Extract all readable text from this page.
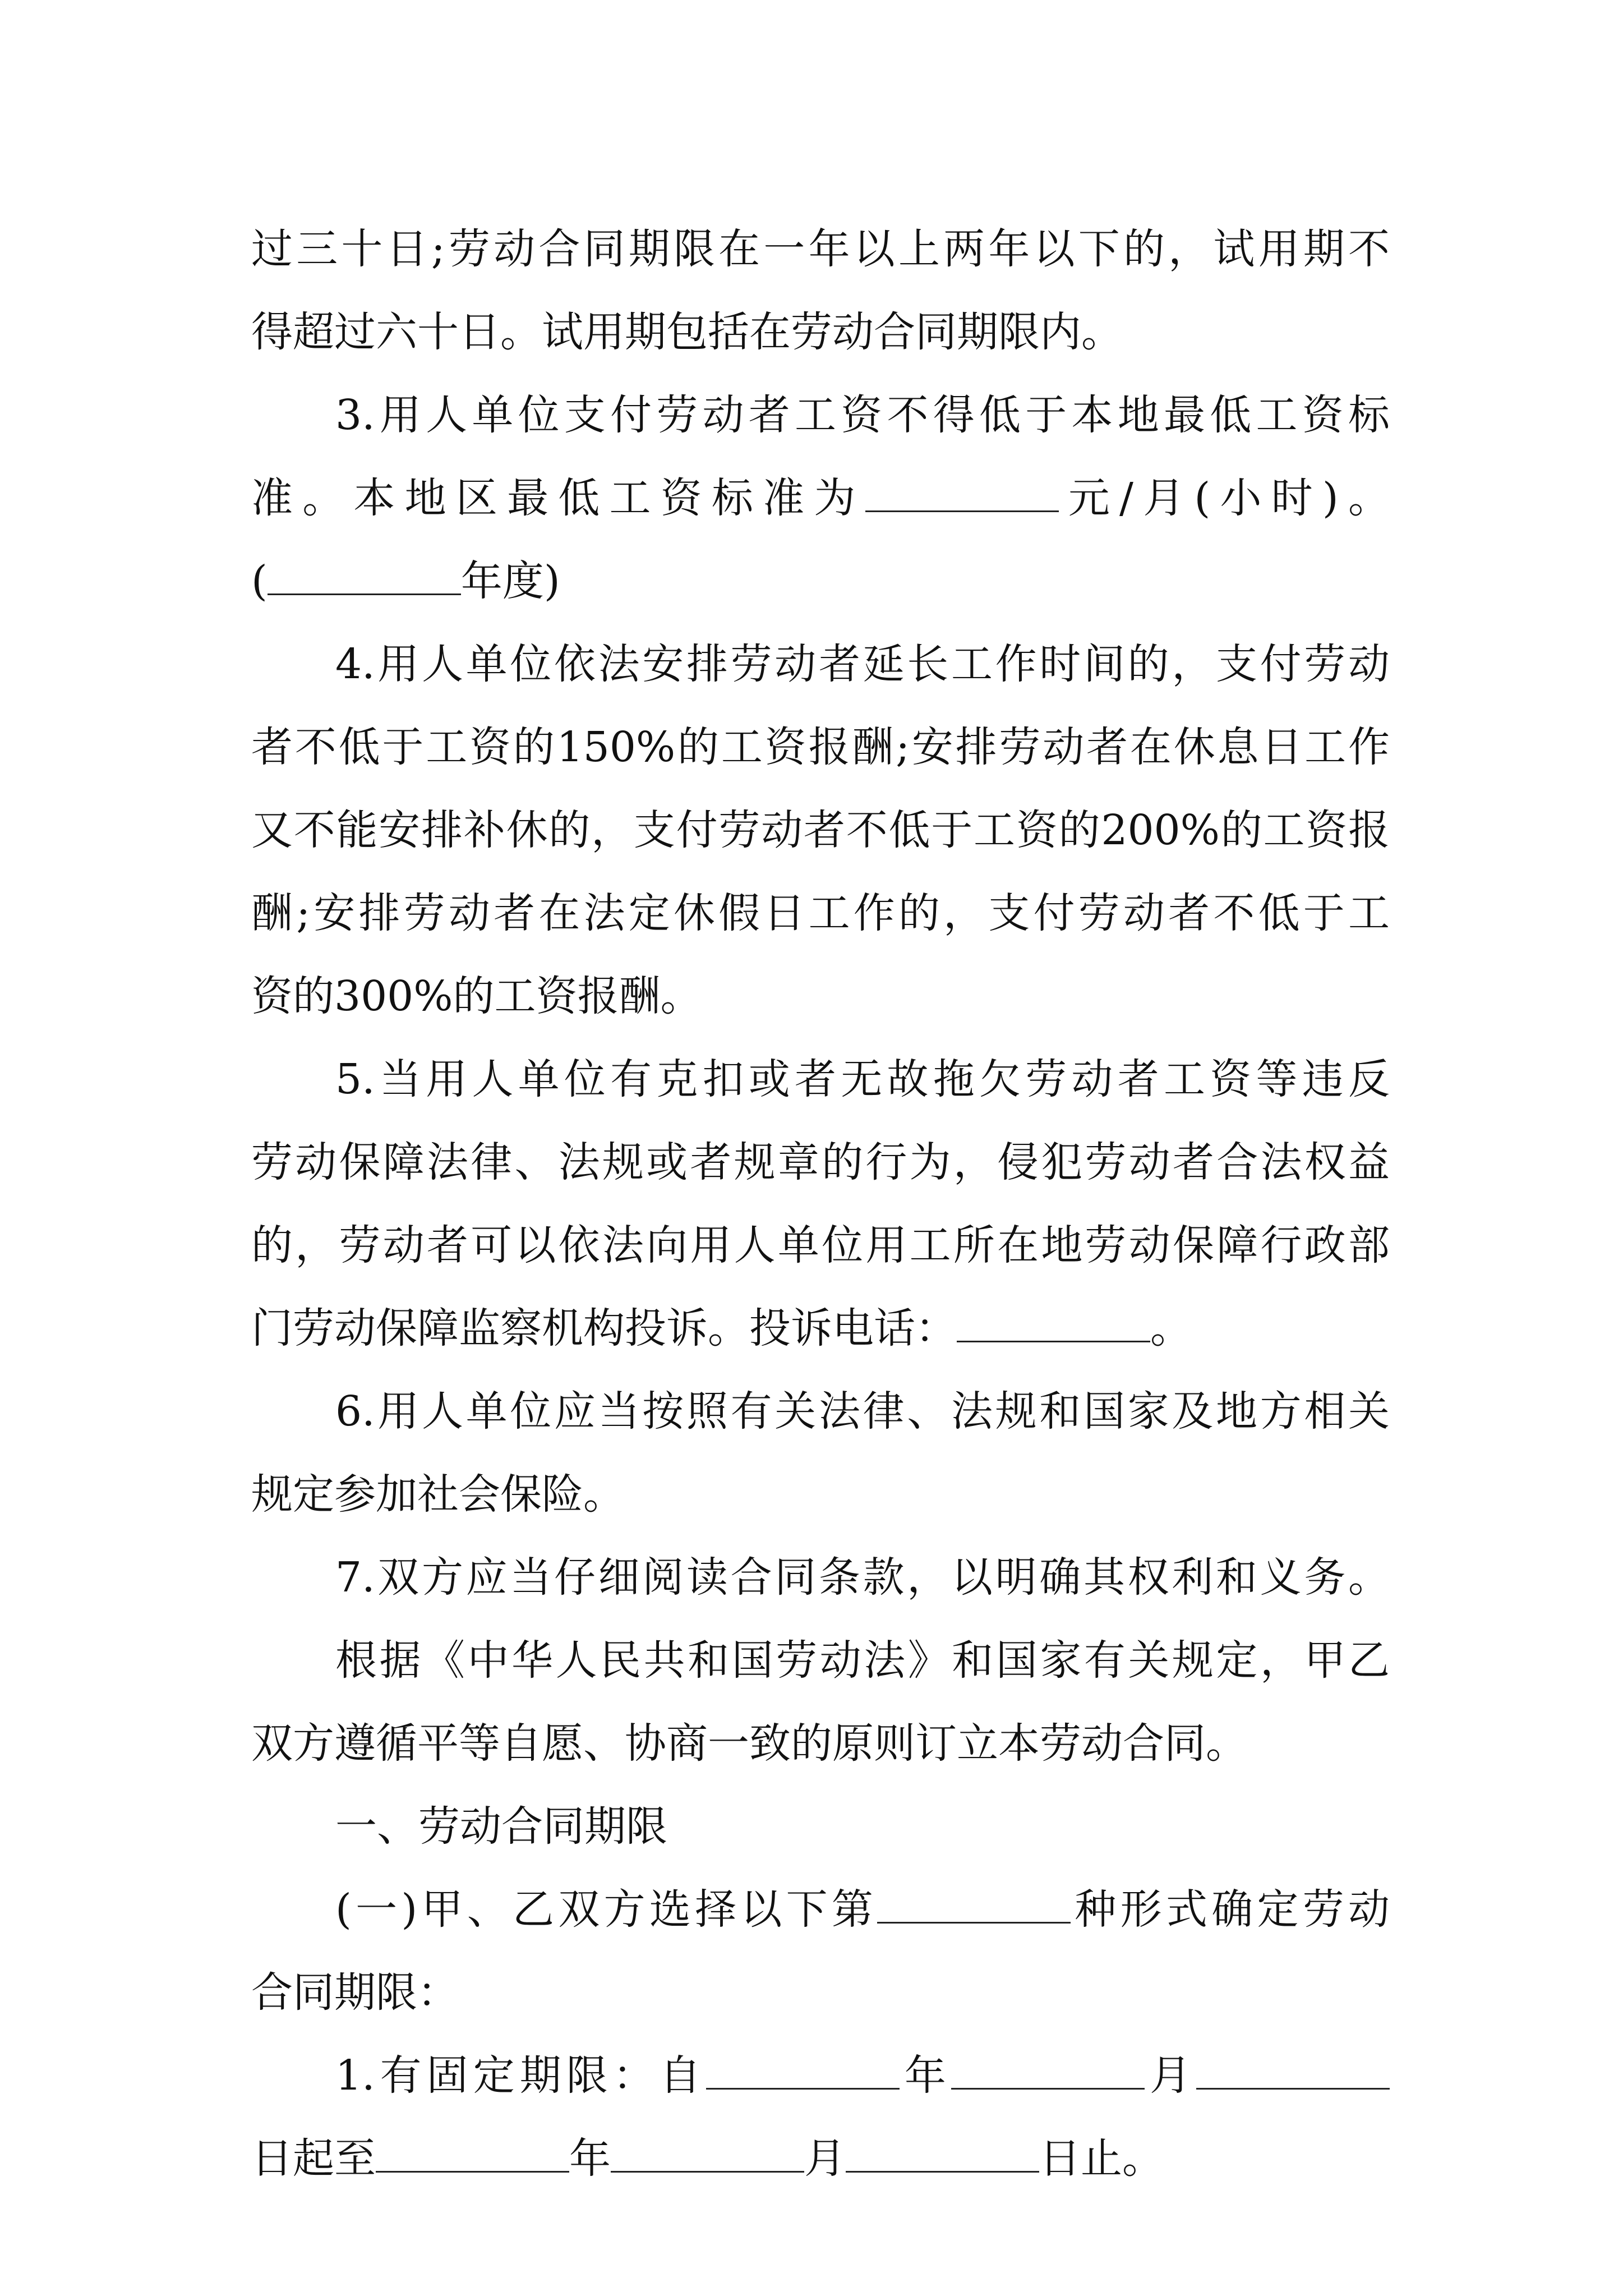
过三十日;劳动合同期限在一年以上两年以下的，试用期不
得超过六十日。试用期包括在劳动合同期限内。
3.用人单位支付劳动者工资不得低于本地最低工资标
准。本地区最低工资标准为	元/月(小时)。
(	年度)
4.用人单位依法安排劳动者延长工作时间的，支付劳动
者不低于工资的150%的工资报酬;安排劳动者在休息日工作
又不能安排补休的，支付劳动者不低于工资的200%的工资报
酬;安排劳动者在法定休假日工作的，支付劳动者不低于工
资的300%的工资报酬。
5.当用人单位有克扣或者无故拖欠劳动者工资等违反
劳动保障法律、法规或者规章的行为，侵犯劳动者合法权益
的，劳动者可以依法向用人单位用工所在地劳动保障行政部
门劳动保障监察机构投诉。投诉电话：	。
6.用人单位应当按照有关法律、法规和国家及地方相关
规定参加社会保险。
7.双方应当仔细阅读合同条款，以明确其权利和义务。
根据《中华人民共和国劳动法》和国家有关规定，甲乙
双方遵循平等自愿、协商一致的原则订立本劳动合同。
一、劳动合同期限
(一)甲、乙双方选择以下第	种形式确定劳动
合同期限：
1.有固定期限：自	年	月
日起至	年	月	日止。
